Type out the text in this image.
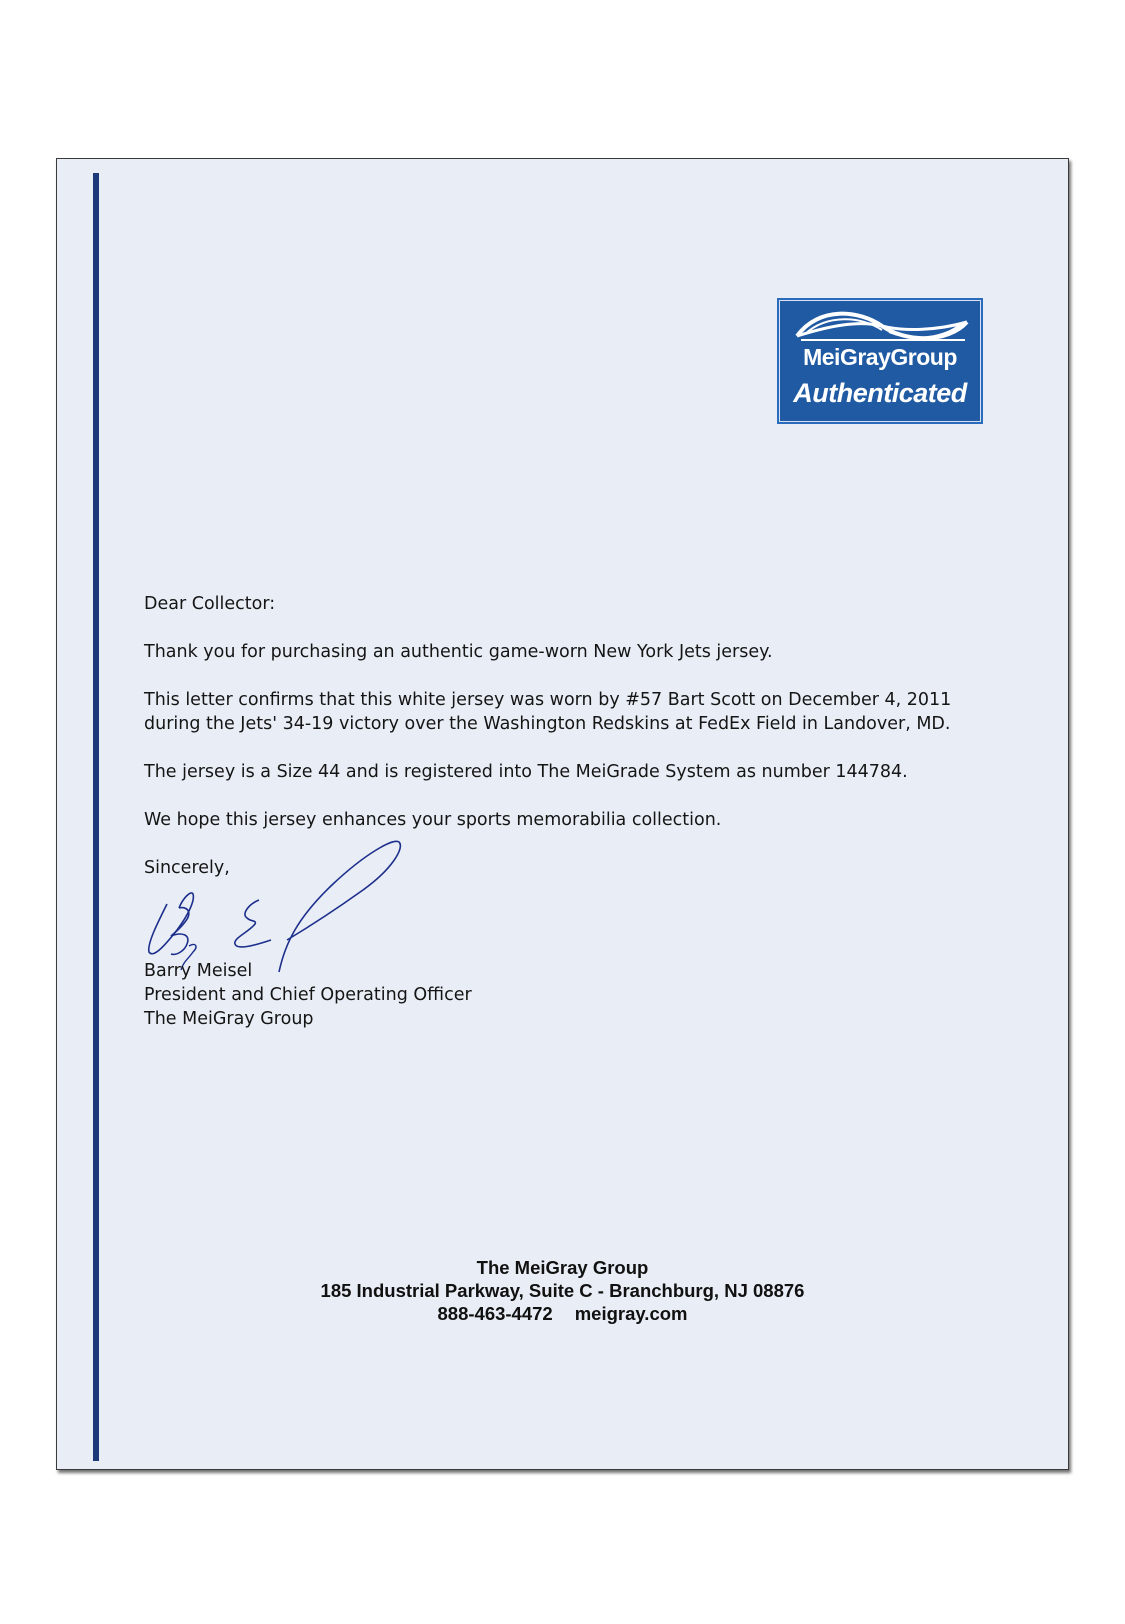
MeiGrayGroup
Authenticated

Dear Collector:

Thank you for purchasing an authentic game-worn New York Jets jersey.

This letter confirms that this white jersey was worn by #57 Bart Scott on December 4, 2011 during the Jets' 34-19 victory over the Washington Redskins at FedEx Field in Landover, MD.

The jersey is a Size 44 and is registered into The MeiGrade System as number 144784.

We hope this jersey enhances your sports memorabilia collection.

Sincerely,

Barry Meisel
President and Chief Operating Officer
The MeiGray Group
The MeiGray Group
185 Industrial Parkway, Suite C - Branchburg, NJ 08876
888-463-4472 meigray.com
